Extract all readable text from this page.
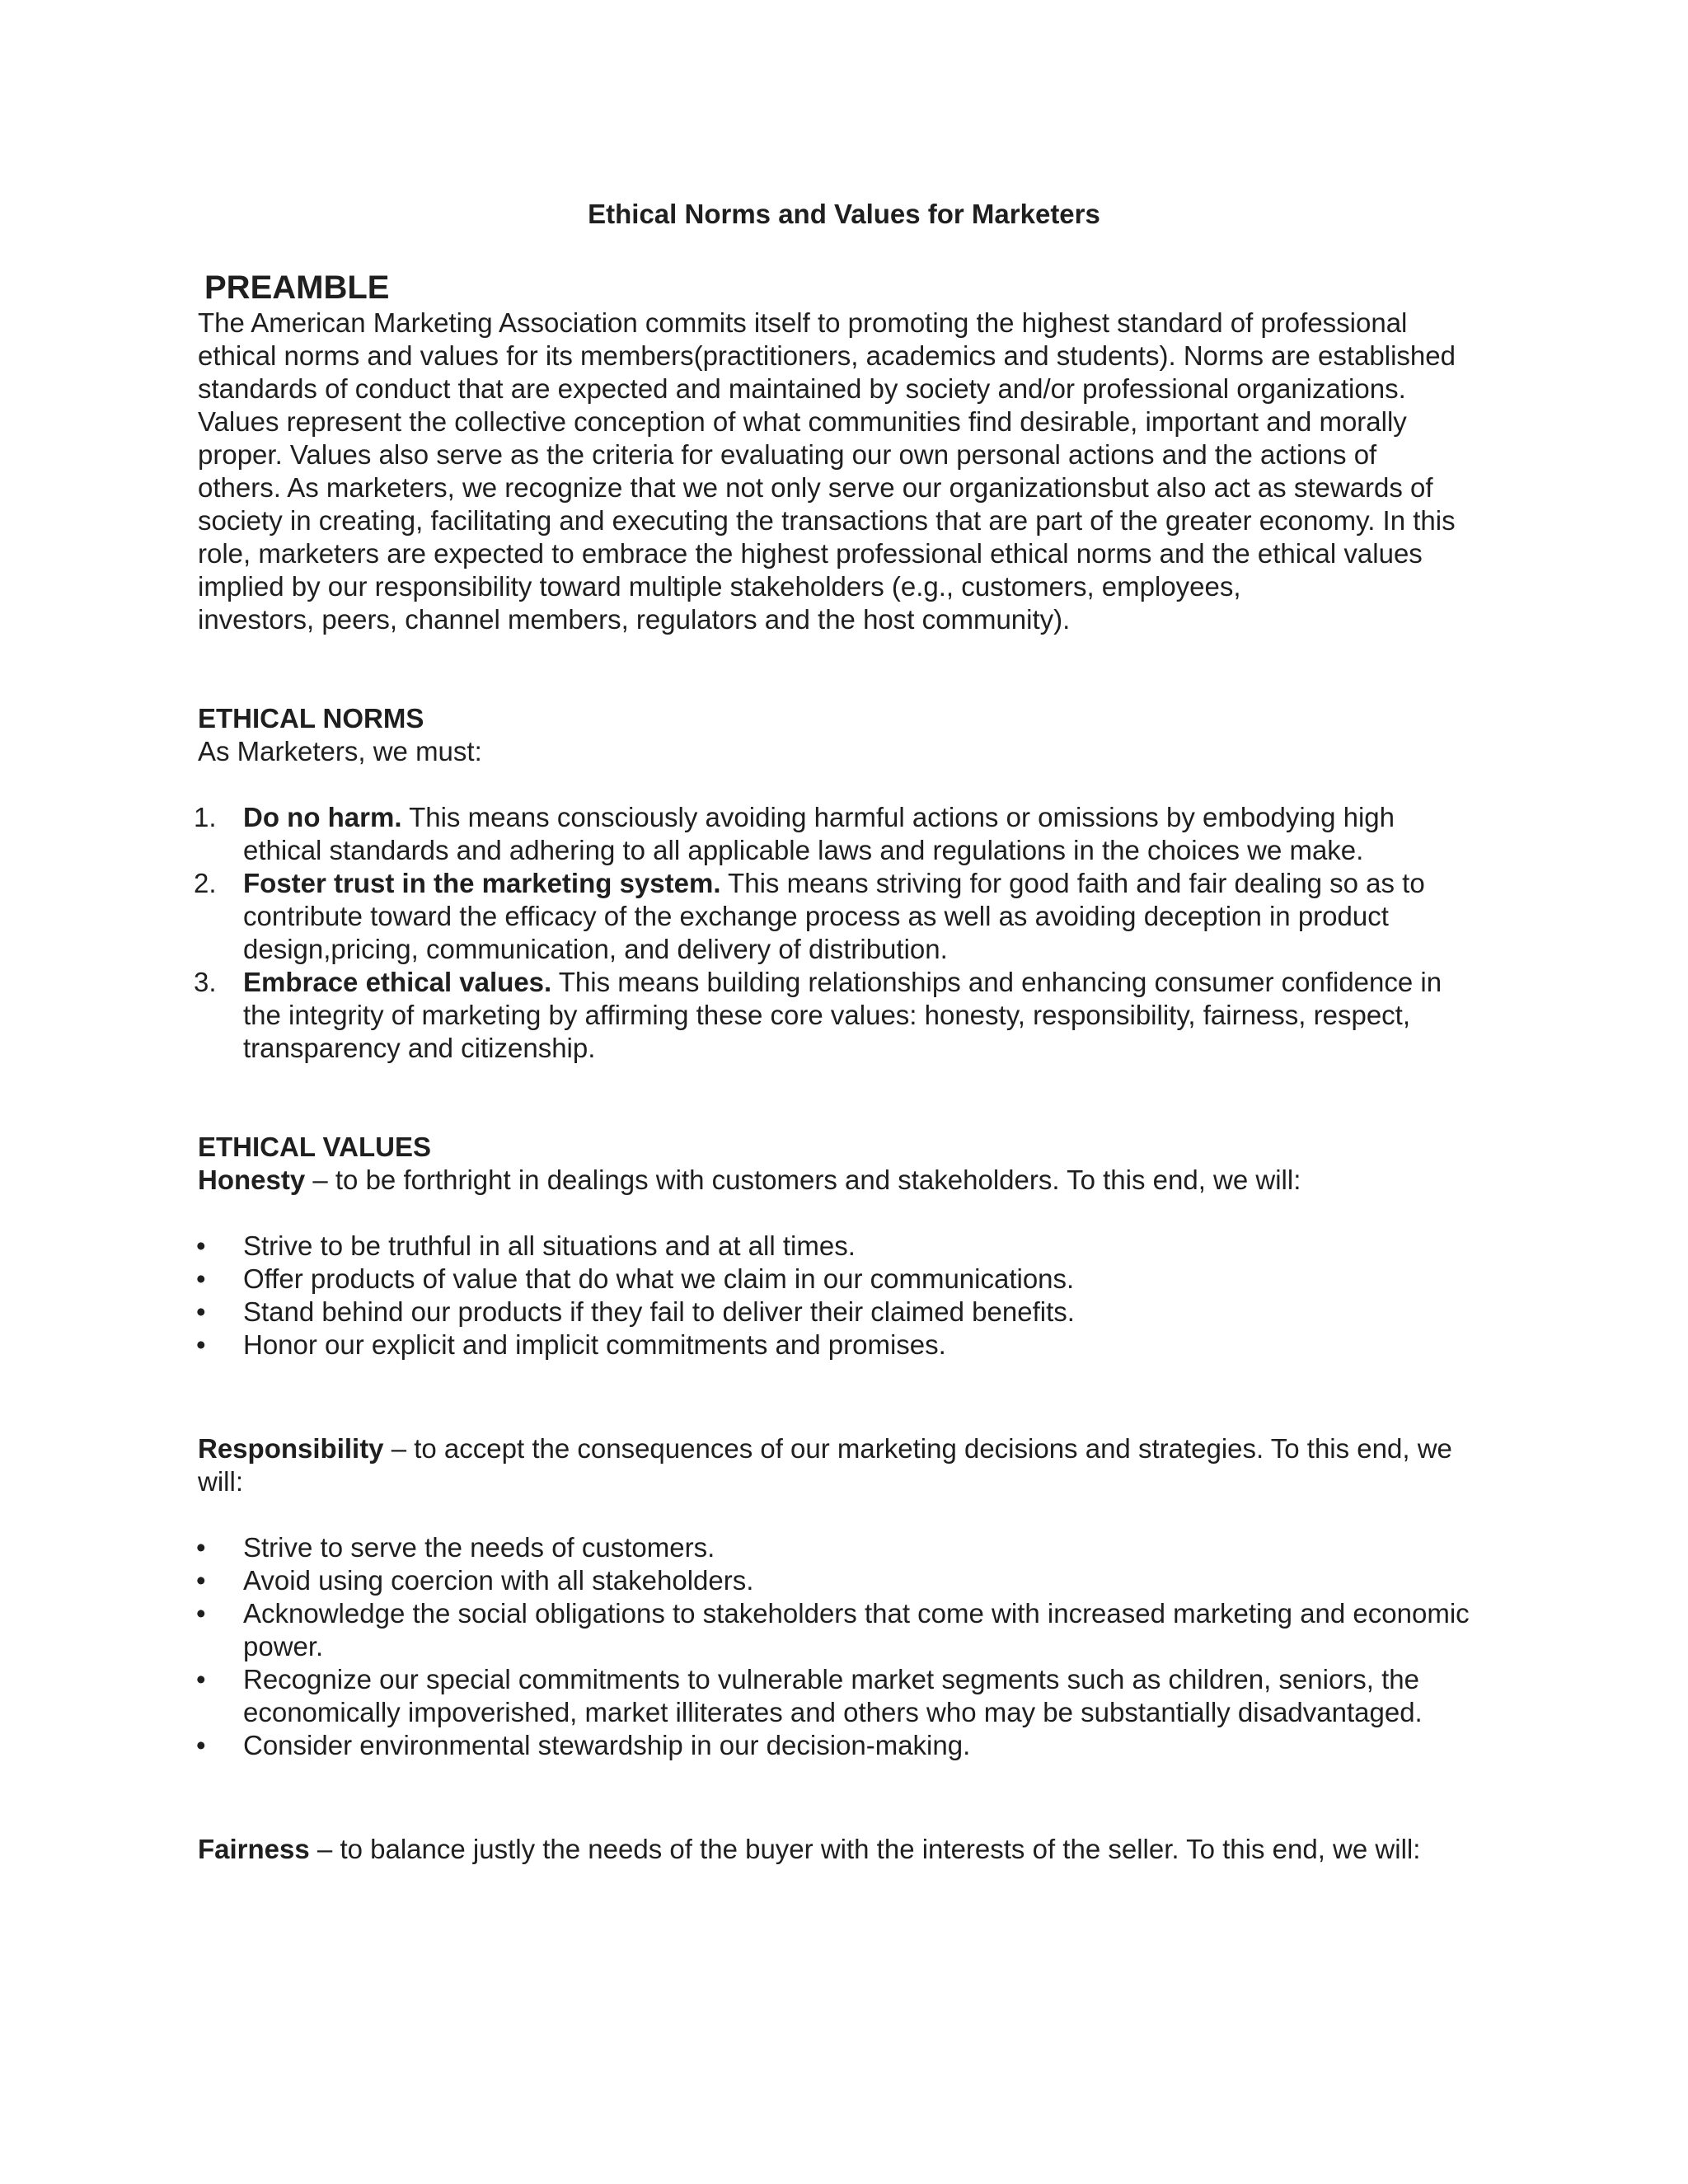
Ethical Norms and Values for Marketers
PREAMBLE
The American Marketing Association commits itself to promoting the highest standard of professional
ethical norms and values for its members(practitioners, academics and students). Norms are established
standards of conduct that are expected and maintained by society and/or professional organizations.
Values represent the collective conception of what communities find desirable, important and morally
proper. Values also serve as the criteria for evaluating our own personal actions and the actions of
others. As marketers, we recognize that we not only serve our organizationsbut also act as stewards of
society in creating, facilitating and executing the transactions that are part of the greater economy. In this
role, marketers are expected to embrace the highest professional ethical norms and the ethical values
implied by our responsibility toward multiple stakeholders (e.g., customers, employees,
investors, peers, channel members, regulators and the host community).
ETHICAL NORMS
As Marketers, we must:
1. Do no harm. This means consciously avoiding harmful actions or omissions by embodying high
ethical standards and adhering to all applicable laws and regulations in the choices we make.
2. Foster trust in the marketing system. This means striving for good faith and fair dealing so as to
contribute toward the efficacy of the exchange process as well as avoiding deception in product
design,pricing, communication, and delivery of distribution.
3. Embrace ethical values. This means building relationships and enhancing consumer confidence in
the integrity of marketing by affirming these core values: honesty, responsibility, fairness, respect,
transparency and citizenship.
ETHICAL VALUES
Honesty – to be forthright in dealings with customers and stakeholders. To this end, we will:
• Strive to be truthful in all situations and at all times.
• Offer products of value that do what we claim in our communications.
• Stand behind our products if they fail to deliver their claimed benefits.
• Honor our explicit and implicit commitments and promises.
Responsibility – to accept the consequences of our marketing decisions and strategies. To this end, we
will:
• Strive to serve the needs of customers.
• Avoid using coercion with all stakeholders.
• Acknowledge the social obligations to stakeholders that come with increased marketing and economic
power.
• Recognize our special commitments to vulnerable market segments such as children, seniors, the
economically impoverished, market illiterates and others who may be substantially disadvantaged.
• Consider environmental stewardship in our decision-making.
Fairness – to balance justly the needs of the buyer with the interests of the seller. To this end, we will:
